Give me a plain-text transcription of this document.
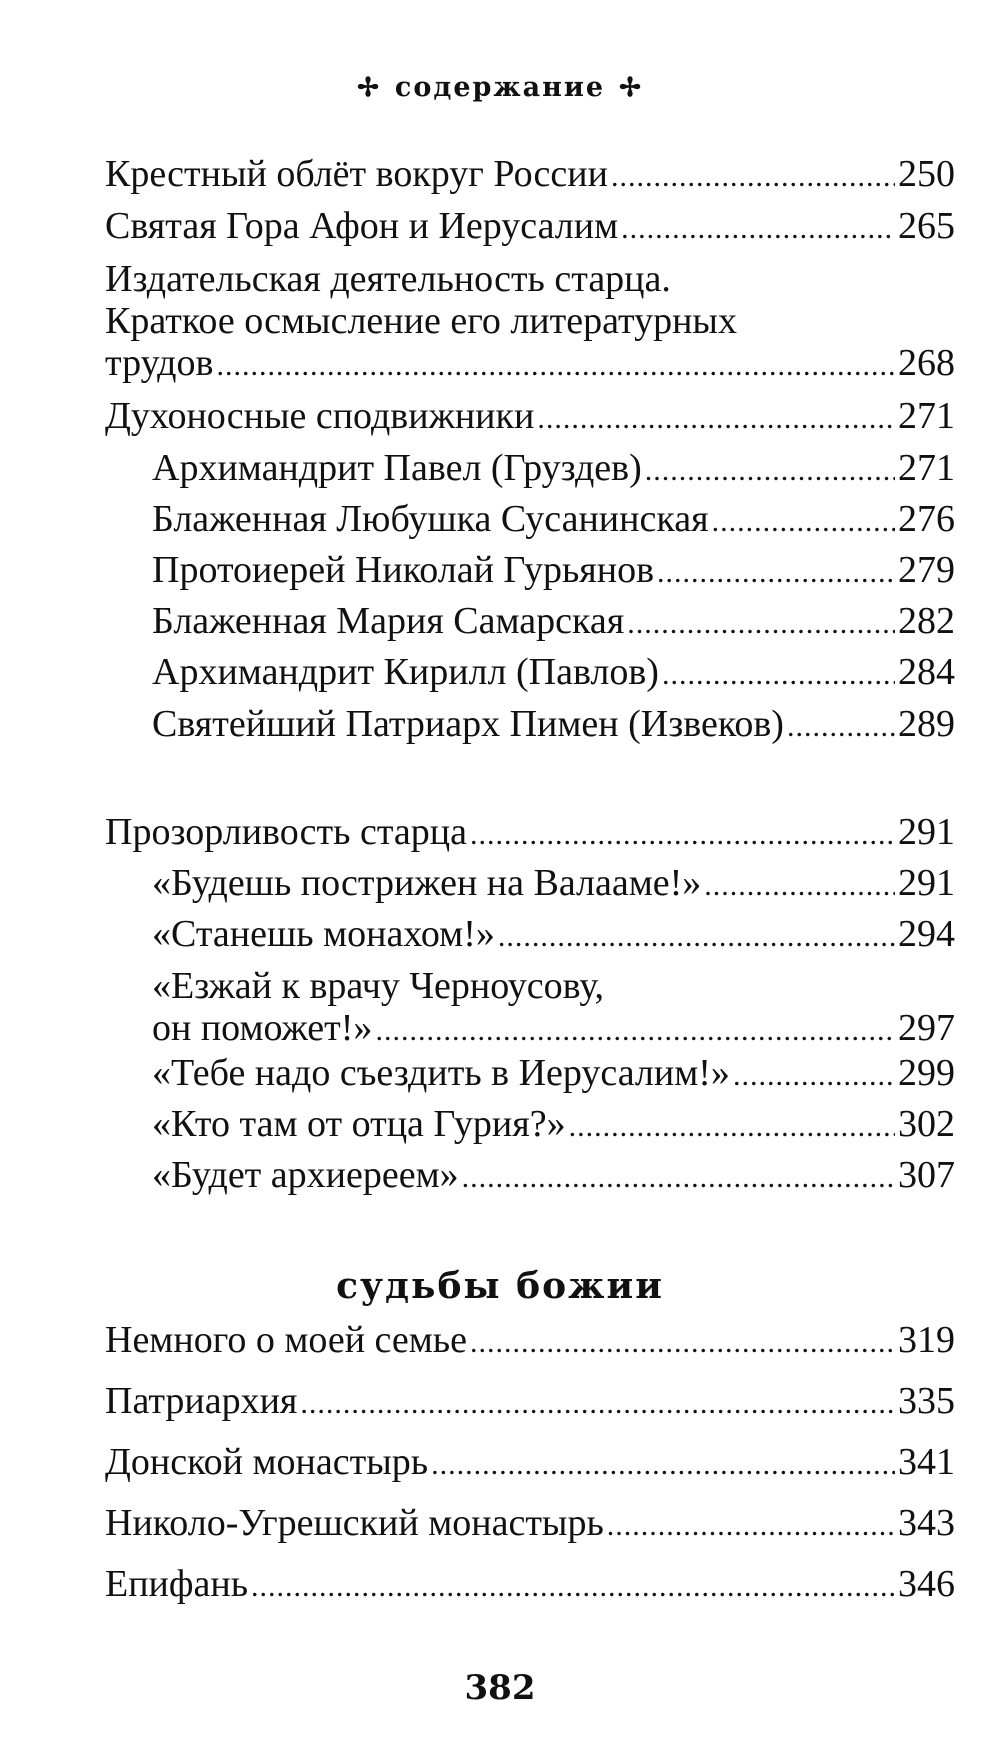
✢ содержание ✢
Крестный облёт вокруг России .....	250
Святая Гора Афон и Иерусалим .....	265
Издательская деятельность старца.
Краткое осмысление его литературных
трудов .....	268
Духоносные сподвижники .....	271
Архимандрит Павел (Груздев) .....	271
Блаженная Любушка Сусанинская .....	276
Протоиерей Николай Гурьянов .....	279
Блаженная Мария Самарская .....	282
Архимандрит Кирилл (Павлов) .....	284
Святейший Патриарх Пимен (Извеков) .....	289
Прозорливость старца .....	291
«Будешь пострижен на Валааме!» .....	291
«Станешь монахом!» .....	294
«Езжай к врачу Черноусову,
он поможет!» .....	297
«Тебе надо съездить в Иерусалим!» .....	299
«Кто там от отца Гурия?» .....	302
«Будет архиереем» .....	307
судьбы божии
Немного о моей семье .....	319
Патриархия .....	335
Донской монастырь .....	341
Николо-Угрешский монастырь .....	343
Епифань .....	346
382
